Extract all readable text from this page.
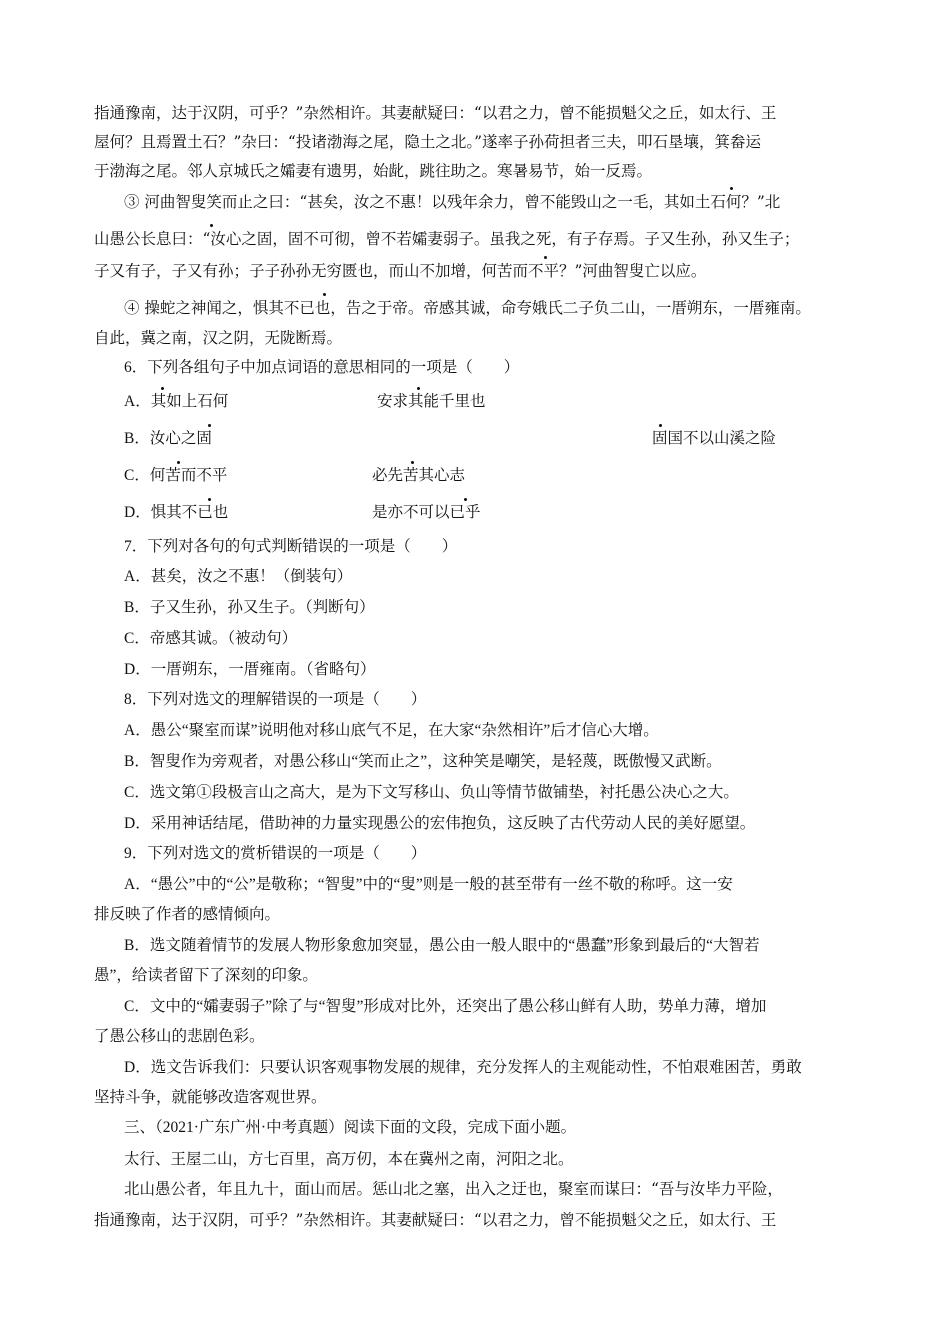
指通豫南，达于汉阴，可乎？”杂然相许。其妻献疑曰：“以君之力，曾不能损魁父之丘，如太行、王
屋何？且焉置土石？”杂曰：“投诸渤海之尾，隐土之北。”遂率子孙荷担者三夫，叩石垦壤，箕畚运
于渤海之尾。邻人京城氏之孀妻有遗男，始龀，跳往助之。寒暑易节，始一反焉。
③ 河曲智叟笑而止之曰：“甚矣，汝之不惠！以残年余力，曾不能毁山之一毛，其如土石何？”北
山愚公长息曰：“汝心之固，固不可彻，曾不若孀妻弱子。虽我之死，有子存焉。子又生孙，孙又生子；
子又有子，子又有孙；子子孙孙无穷匮也，而山不加增，何苦而不平？”河曲智叟亡以应。
④ 操蛇之神闻之，惧其不已也，告之于帝。帝感其诚，命夸娥氏二子负二山，一厝朔东，一厝雍南。
自此，冀之南，汉之阴，无陇断焉。
6．下列各组句子中加点词语的意思相同的一项是（　　）
A．其如上石何	安求其能千里也
B．汝心之固	固国不以山溪之险
C．何苦而不平	必先苦其心志
D．惧其不已也	是亦不可以已乎
7．下列对各句的句式判断错误的一项是（　　）
A．甚矣，汝之不惠！（倒装句）
B．子又生孙，孙又生子。（判断句）
C．帝感其诚。（被动句）
D．一厝朔东，一厝雍南。（省略句）
8．下列对选文的理解错误的一项是（　　）
A．愚公“聚室而谋”说明他对移山底气不足，在大家“杂然相许”后才信心大增。
B．智叟作为旁观者，对愚公移山“笑而止之”，这种笑是嘲笑，是轻蔑，既傲慢又武断。
C．选文第①段极言山之高大，是为下文写移山、负山等情节做铺垫，衬托愚公决心之大。
D．采用神话结尾，借助神的力量实现愚公的宏伟抱负，这反映了古代劳动人民的美好愿望。
9．下列对选文的赏析错误的一项是（　　）
A．“愚公”中的“公”是敬称；“智叟”中的“叟”则是一般的甚至带有一丝不敬的称呼。这一安
排反映了作者的感情倾向。
B．选文随着情节的发展人物形象愈加突显，愚公由一般人眼中的“愚蠢”形象到最后的“大智若
愚”，给读者留下了深刻的印象。
C．文中的“孀妻弱子”除了与“智叟”形成对比外，还突出了愚公移山鲜有人助，势单力薄，增加
了愚公移山的悲剧色彩。
D．选文告诉我们：只要认识客观事物发展的规律，充分发挥人的主观能动性，不怕艰难困苦，勇敢
坚持斗争，就能够改造客观世界。
三、（2021·广东广州·中考真题）阅读下面的文段，完成下面小题。
太行、王屋二山，方七百里，高万仞，本在冀州之南，河阳之北。
北山愚公者，年且九十，面山而居。惩山北之塞，出入之迂也，聚室而谋曰：“吾与汝毕力平险，
指通豫南，达于汉阴，可乎？”杂然相许。其妻献疑曰：“以君之力，曾不能损魁父之丘，如太行、王
